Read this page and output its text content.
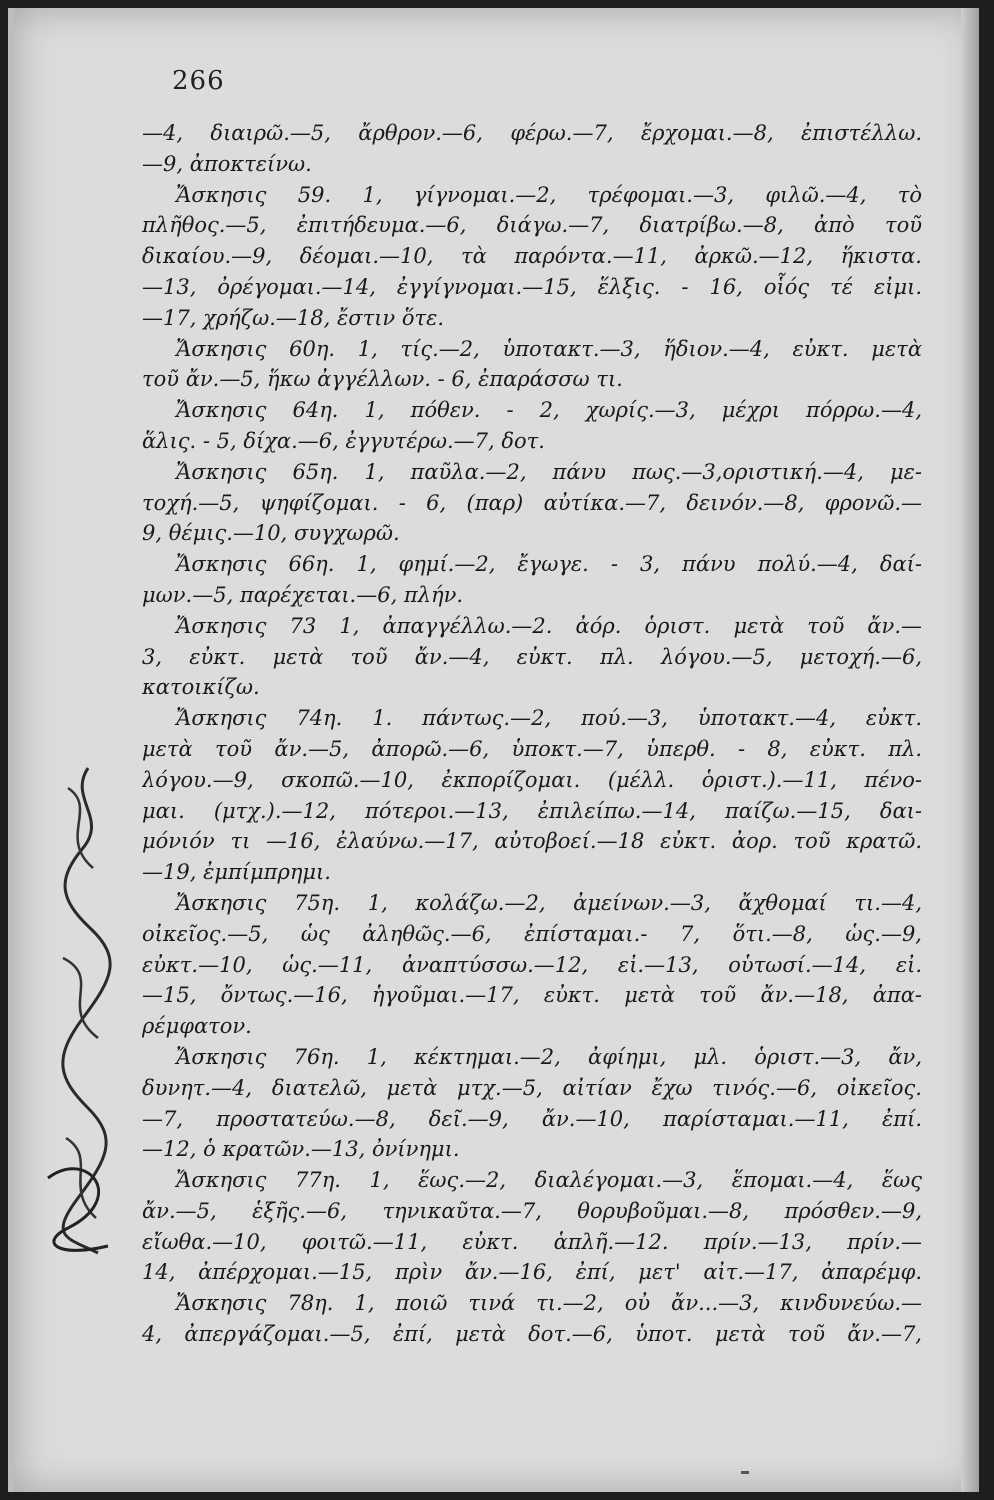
266
—4, διαιρῶ.—5, ἄρθρον.—6, φέρω.—7, ἔρχομαι.—8, ἐπιστέλλω.
—9, ἀποκτείνω.
Ἄσκησις 59. 1, γίγνομαι.—2, τρέφομαι.—3, φιλῶ.—4, τὸ
πλῆθος.—5, ἐπιτήδευμα.—6, διάγω.—7, διατρίβω.—8, ἀπὸ τοῦ
δικαίου.—9, δέομαι.—10, τὰ παρόντα.—11, ἀρκῶ.—12, ἥκιστα.
—13, ὀρέγομαι.—14, ἐγγίγνομαι.—15, ἕλξις. - 16, οἷός τέ εἰμι.
—17, χρήζω.—18, ἔστιν ὅτε.
Ἄσκησις 60η. 1, τίς.—2, ὑποτακτ.—3, ἥδιον.—4, εὐκτ. μετὰ
τοῦ ἄν.—5, ἥκω ἀγγέλλων. - 6, ἐπαράσσω τι.
Ἄσκησις 64η. 1, πόθεν. - 2, χωρίς.—3, μέχρι πόρρω.—4,
ἅλις. - 5, δίχα.—6, ἐγγυτέρω.—7, δοτ.
Ἄσκησις 65η. 1, παῦλα.—2, πάνυ πως.—3,οριστική.—4, με-
τοχή.—5, ψηφίζομαι. - 6, (παρ) αὐτίκα.—7, δεινόν.—8, φρονῶ.—
9, θέμις.—10, συγχωρῶ.
Ἄσκησις 66η. 1, φημί.—2, ἔγωγε. - 3, πάνυ πολύ.—4, δαί-
μων.—5, παρέχεται.—6, πλήν.
Ἄσκησις 73 1, ἀπαγγέλλω.—2. ἀόρ. ὁριστ. μετὰ τοῦ ἄν.—
3, εὐκτ. μετὰ τοῦ ἄν.—4, εὐκτ. πλ. λόγου.—5, μετοχή.—6,
κατοικίζω.
Ἄσκησις 74η. 1. πάντως.—2, πού.—3, ὑποτακτ.—4, εὐκτ.
μετὰ τοῦ ἄν.—5, ἀπορῶ.—6, ὑποκτ.—7, ὑπερθ. - 8, εὐκτ. πλ.
λόγου.—9, σκοπῶ.—10, ἐκπορίζομαι. (μέλλ. ὁριστ.).—11, πένο-
μαι. (μτχ.).—12, πότεροι.—13, ἐπιλείπω.—14, παίζω.—15, δαι-
μόνιόν τι —16, ἐλαύνω.—17, αὐτοβοεί.—18 εὐκτ. ἀορ. τοῦ κρατῶ.
—19, ἐμπίμπρημι.
Ἄσκησις 75η. 1, κολάζω.—2, ἀμείνων.—3, ἄχθομαί τι.—4,
οἰκεῖος.—5, ὡς ἀληθῶς.—6, ἐπίσταμαι.- 7, ὅτι.—8, ὡς.—9,
εὐκτ.—10, ὡς.—11, ἀναπτύσσω.—12, εἰ.—13, οὑτωσί.—14, εἰ.
—15, ὄντως.—16, ἡγοῦμαι.—17, εὐκτ. μετὰ τοῦ ἄν.—18, ἀπα-
ρέμφατον.
Ἄσκησις 76η. 1, κέκτημαι.—2, ἀφίημι, μλ. ὁριστ.—3, ἄν,
δυνητ.—4, διατελῶ, μετὰ μτχ.—5, αἰτίαν ἔχω τινός.—6, οἰκεῖος.
—7, προστατεύω.—8, δεῖ.—9, ἄν.—10, παρίσταμαι.—11, ἐπί.
—12, ὁ κρατῶν.—13, ὀνίνημι.
Ἄσκησις 77η. 1, ἕως.—2, διαλέγομαι.—3, ἕπομαι.—4, ἕως
ἄν.—5, ἑξῆς.—6, τηνικαῦτα.—7, θορυβοῦμαι.—8, πρόσθεν.—9,
εἴωθα.—10, φοιτῶ.—11, εὐκτ. ἁπλῆ.—12. πρίν.—13, πρίν.—
14, ἀπέρχομαι.—15, πρὶν ἄν.—16, ἐπί, μετ' αἰτ.—17, ἀπαρέμφ.
Ἄσκησις 78η. 1, ποιῶ τινά τι.—2, οὐ ἄν...—3, κινδυνεύω.—
4, ἀπεργάζομαι.—5, ἐπί, μετὰ δοτ.—6, ὑποτ. μετὰ τοῦ ἄν.—7,
